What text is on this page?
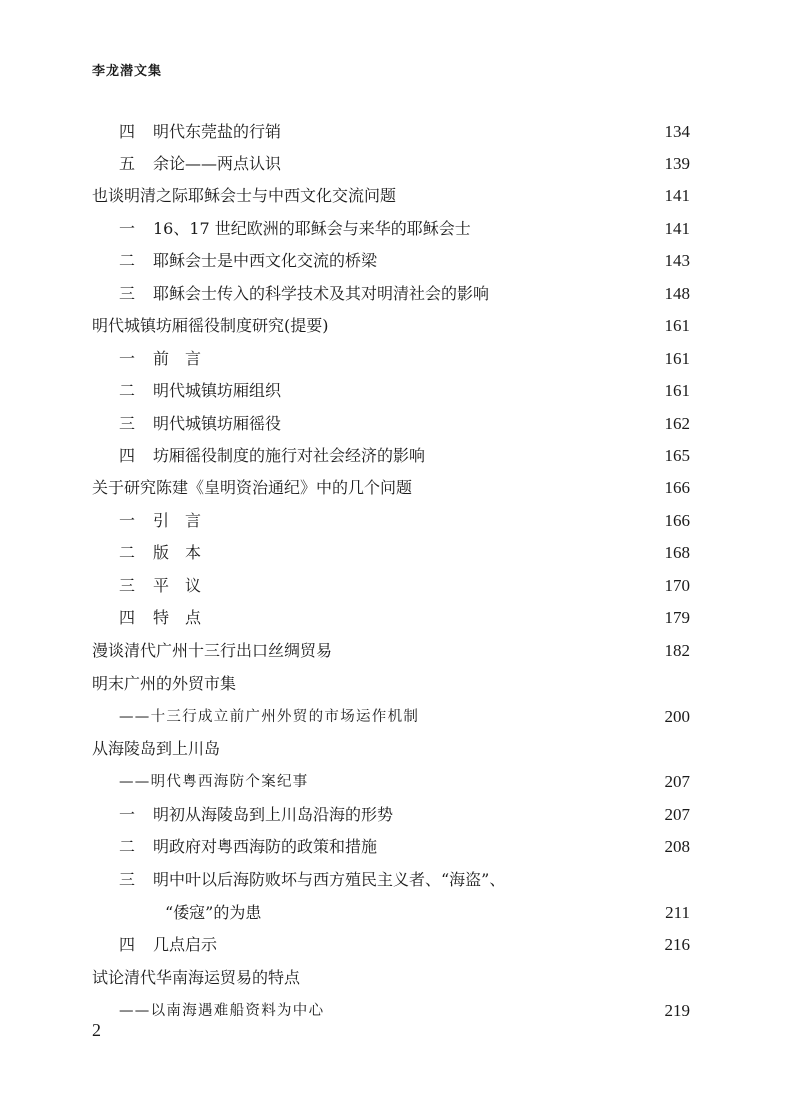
李龙潜文集
四 明代东莞盐的行销	134
五 余论——两点认识	139
也谈明清之际耶稣会士与中西文化交流问题	141
一 16、17 世纪欧洲的耶稣会与来华的耶稣会士	141
二 耶稣会士是中西文化交流的桥梁	143
三 耶稣会士传入的科学技术及其对明清社会的影响	148
明代城镇坊厢徭役制度研究(提要)	161
一 前　言	161
二 明代城镇坊厢组织	161
三 明代城镇坊厢徭役	162
四 坊厢徭役制度的施行对社会经济的影响	165
关于研究陈建《皇明资治通纪》中的几个问题	166
一 引　言	166
二 版　本	168
三 平　议	170
四 特　点	179
漫谈清代广州十三行出口丝绸贸易	182
明末广州的外贸市集
——十三行成立前广州外贸的市场运作机制	200
从海陵岛到上川岛
——明代粤西海防个案纪事	207
一 明初从海陵岛到上川岛沿海的形势	207
二 明政府对粤西海防的政策和措施	208
三 明中叶以后海防败坏与西方殖民主义者、“海盗”、
“倭寇”的为患	211
四 几点启示	216
试论清代华南海运贸易的特点
——以南海遇难船资料为中心	219
2
